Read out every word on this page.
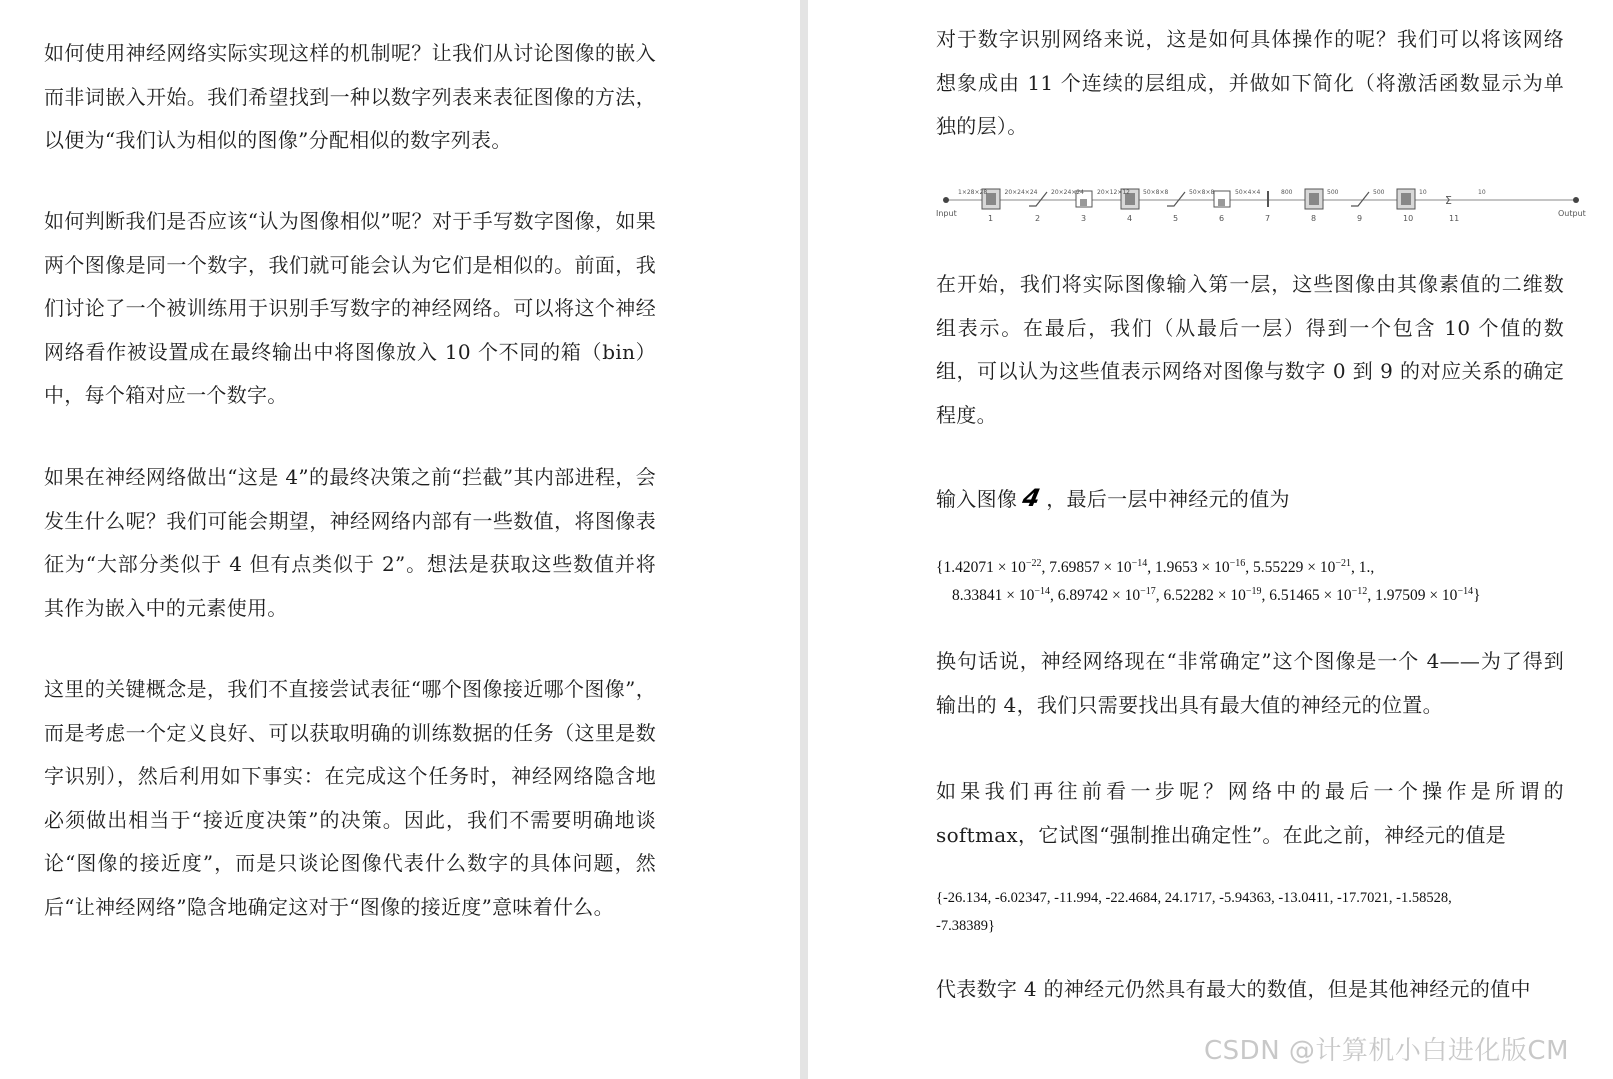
如何使用神经网络实际实现这样的机制呢？让我们从讨论图像的嵌入而非词嵌入开始。我们希望找到一种以数字列表来表征图像的方法，以便为“我们认为相似的图像”分配相似的数字列表。

如何判断我们是否应该“认为图像相似”呢？对于手写数字图像，如果两个图像是同一个数字，我们就可能会认为它们是相似的。前面，我们讨论了一个被训练用于识别手写数字的神经网络。可以将这个神经网络看作被设置成在最终输出中将图像放入 10 个不同的箱（bin）中，每个箱对应一个数字。

如果在神经网络做出“这是 4”的最终决策之前“拦截”其内部进程，会发生什么呢？我们可能会期望，神经网络内部有一些数值，将图像表征为“大部分类似于 4 但有点类似于 2”。想法是获取这些数值并将其作为嵌入中的元素使用。

这里的关键概念是，我们不直接尝试表征“哪个图像接近哪个图像”，而是考虑一个定义良好、可以获取明确的训练数据的任务（这里是数字识别），然后利用如下事实：在完成这个任务时，神经网络隐含地必须做出相当于“接近度决策”的决策。因此，我们不需要明确地谈论“图像的接近度”，而是只谈论图像代表什么数字的具体问题，然后“让神经网络”隐含地确定这对于“图像的接近度”意味着什么。

对于数字识别网络来说，这是如何具体操作的呢？我们可以将该网络想象成由 11 个连续的层组成，并做如下简化（将激活函数显示为单独的层）。

Input	Output
1	2	3	4	5	6	7	8	9	10
Σ
11
1×28×28	20×24×24 20×24×24 20×12×12 50×8×8	50×8×8	50×4×4	800	500	500	10	10

在开始，我们将实际图像输入第一层，这些图像由其像素值的二维数组表示。在最后，我们（从最后一层）得到一个包含 10 个值的数组，可以认为这些值表示网络对图像与数字 0 到 9 的对应关系的确定程度。

输入图像 4 ，最后一层中神经元的值为

{$1.42071 \times 10^{-22}$, $7.69857 \times 10^{-14}$, $1.9653 \times 10^{-16}$, $5.55229 \times 10^{-21}$, 1.,

$8.33841 \times 10^{-14}$, $6.89742 \times 10^{-17}$, $6.52282 \times 10^{-19}$, $6.51465 \times 10^{-12}$, $1.97509 \times 10^{-14}$}

换句话说，神经网络现在“非常确定”这个图像是一个 4——为了得到输出的 4，我们只需要找出具有最大值的神经元的位置。

如果我们再往前看一步呢？网络中的最后一个操作是所谓的 softmax，它试图“强制推出确定性”。在此之前，神经元的值是

{-26.134, -6.02347, -11.994, -22.4684, 24.1717, -5.94363, -13.0411, -17.7021, -1.58528,
-7.38389}

代表数字 4 的神经元仍然具有最大的数值，但是其他神经元的值中

CSDN @计算机小白进化版CM
